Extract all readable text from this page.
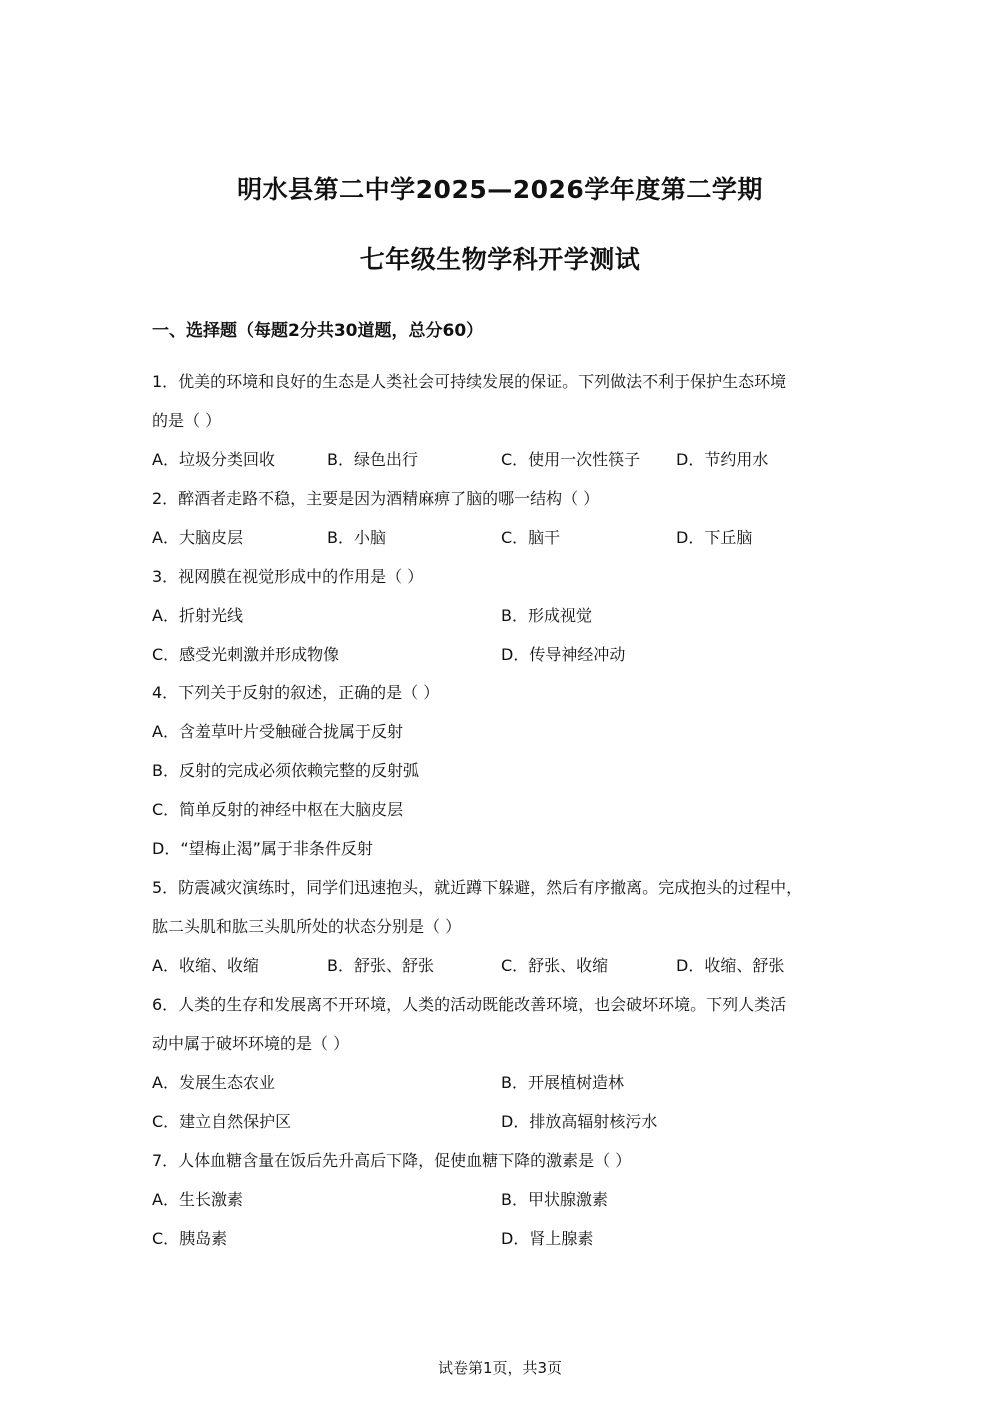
明水县第二中学2025—2026学年度第二学期
七年级生物学科开学测试
一、选择题（每题2分共30道题，总分60）
1．优美的环境和良好的生态是人类社会可持续发展的保证。下列做法不利于保护生态环境
的是（ ）
A．垃圾分类回收	B．绿色出行	C．使用一次性筷子 D．节约用水
2．醉酒者走路不稳，主要是因为酒精麻痹了脑的哪一结构（ ）
A．大脑皮层	B．小脑	C．脑干	D．下丘脑
3．视网膜在视觉形成中的作用是（ ）
A．折射光线	B．形成视觉
C．感受光刺激并形成物像	D．传导神经冲动
4．下列关于反射的叙述，正确的是（ ）
A．含羞草叶片受触碰合拢属于反射
B．反射的完成必须依赖完整的反射弧
C．简单反射的神经中枢在大脑皮层
D．“望梅止渴”属于非条件反射
5．防震减灾演练时，同学们迅速抱头，就近蹲下躲避，然后有序撤离。完成抱头的过程中，
肱二头肌和肱三头肌所处的状态分别是（ ）
A．收缩、收缩	B．舒张、舒张	C．舒张、收缩	D．收缩、舒张
6．人类的生存和发展离不开环境，人类的活动既能改善环境，也会破坏环境。下列人类活
动中属于破坏环境的是（ ）
A．发展生态农业	B．开展植树造林
C．建立自然保护区	D．排放高辐射核污水
7．人体血糖含量在饭后先升高后下降，促使血糖下降的激素是（ ）
A．生长激素	B．甲状腺激素
C．胰岛素	D．肾上腺素
试卷第1页，共3页
